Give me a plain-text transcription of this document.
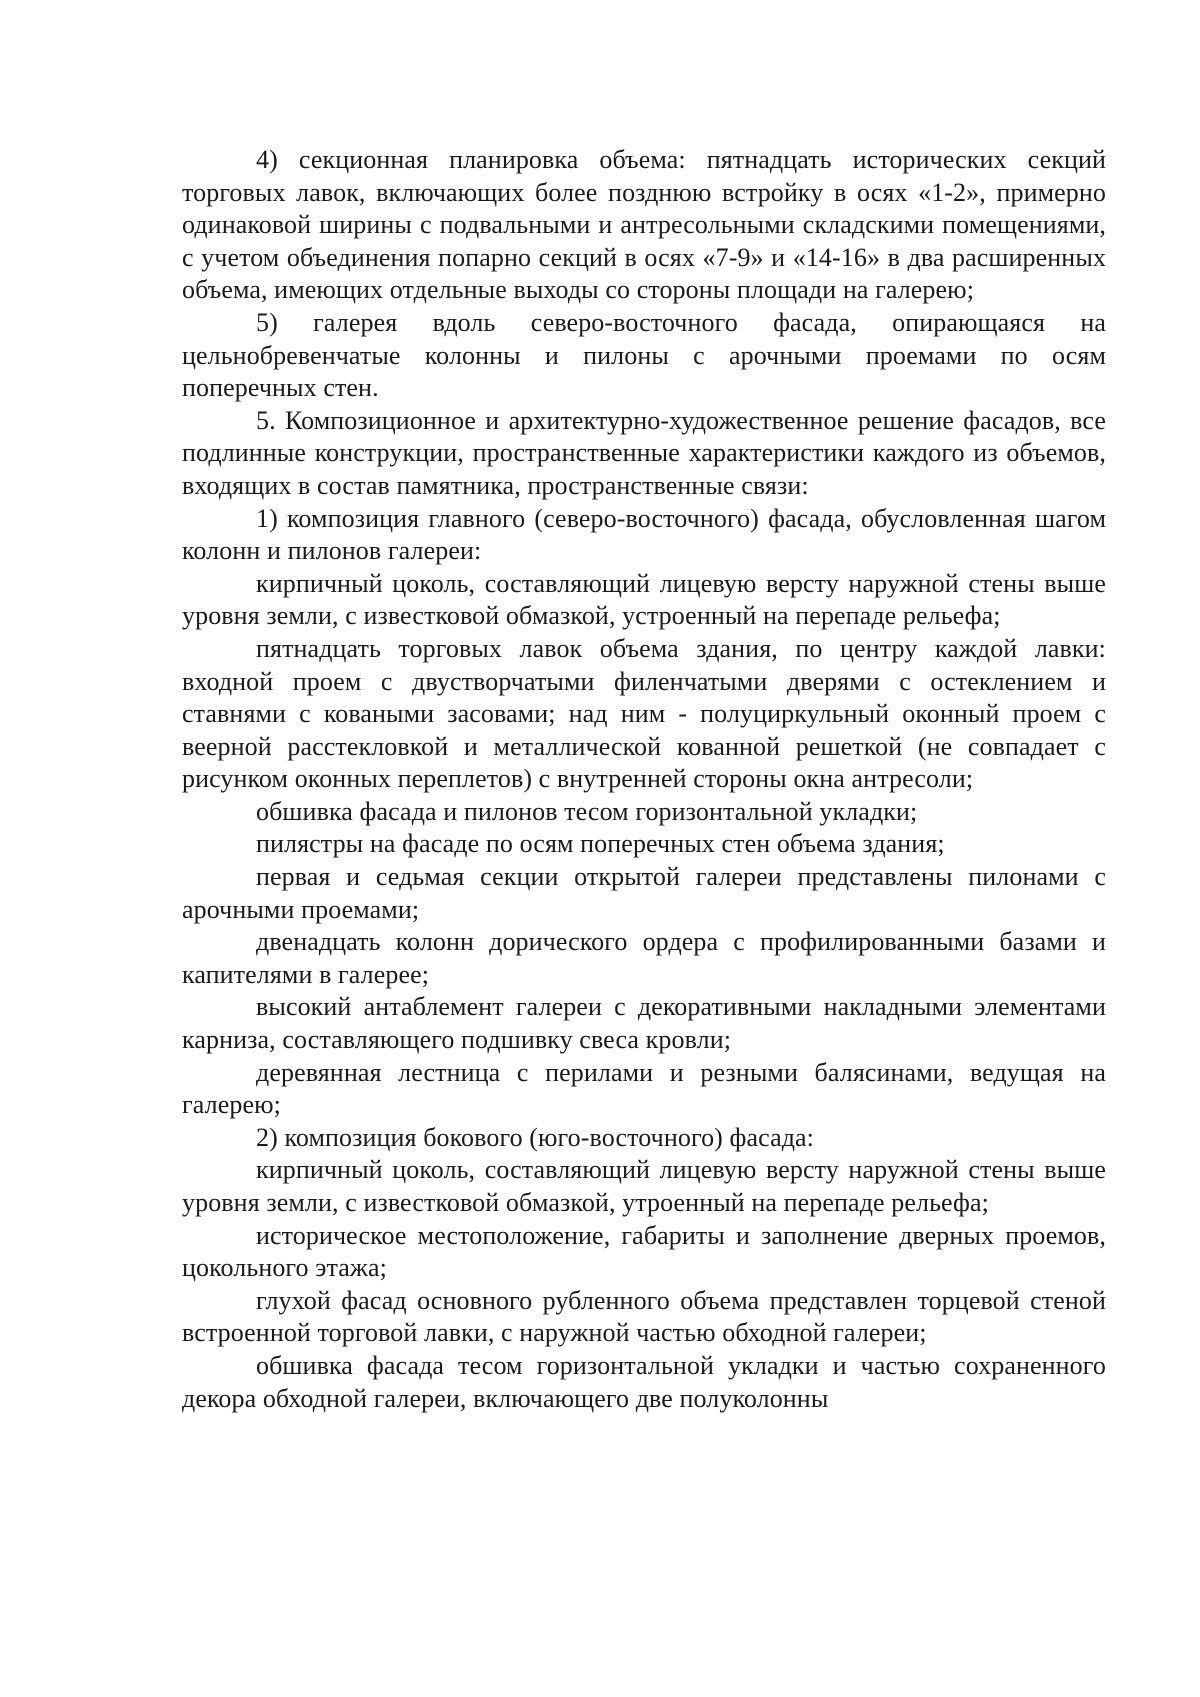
4) секционная планировка объема: пятнадцать исторических секций торговых лавок, включающих более позднюю встройку в осях «1-2», примерно одинаковой ширины с подвальными и антресольными складскими помещениями, с учетом объединения попарно секций в осях «7-9» и «14-16» в два расширенных объема, имеющих отдельные выходы со стороны площади на галерею;

5) галерея вдоль северо-восточного фасада, опирающаяся на цельнобревенчатые колонны и пилоны с арочными проемами по осям поперечных стен.

5. Композиционное и архитектурно-художественное решение фасадов, все подлинные конструкции, пространственные характеристики каждого из объемов, входящих в состав памятника, пространственные связи:

1) композиция главного (северо-восточного) фасада, обусловленная шагом колонн и пилонов галереи:

кирпичный цоколь, составляющий лицевую версту наружной стены выше уровня земли, с известковой обмазкой, устроенный на перепаде рельефа;

пятнадцать торговых лавок объема здания, по центру каждой лавки: входной проем с двустворчатыми филенчатыми дверями с остеклением и ставнями с коваными засовами; над ним - полуциркульный оконный проем с веерной расстекловкой и металлической кованной решеткой (не совпадает с рисунком оконных переплетов) с внутренней стороны окна антресоли;

обшивка фасада и пилонов тесом горизонтальной укладки;

пилястры на фасаде по осям поперечных стен объема здания;

первая и седьмая секции открытой галереи представлены пилонами с арочными проемами;

двенадцать колонн дорического ордера с профилированными базами и капителями в галерее;

высокий антаблемент галереи с декоративными накладными элементами карниза, составляющего подшивку свеса кровли;

деревянная лестница с перилами и резными балясинами, ведущая на галерею;

2) композиция бокового (юго-восточного) фасада:

кирпичный цоколь, составляющий лицевую версту наружной стены выше уровня земли, с известковой обмазкой, утроенный на перепаде рельефа;

историческое местоположение, габариты и заполнение дверных проемов, цокольного этажа;

глухой фасад основного рубленного объема представлен торцевой стеной встроенной торговой лавки, с наружной частью обходной галереи;

обшивка фасада тесом горизонтальной укладки и частью сохраненного декора обходной галереи, включающего две полуколонны
